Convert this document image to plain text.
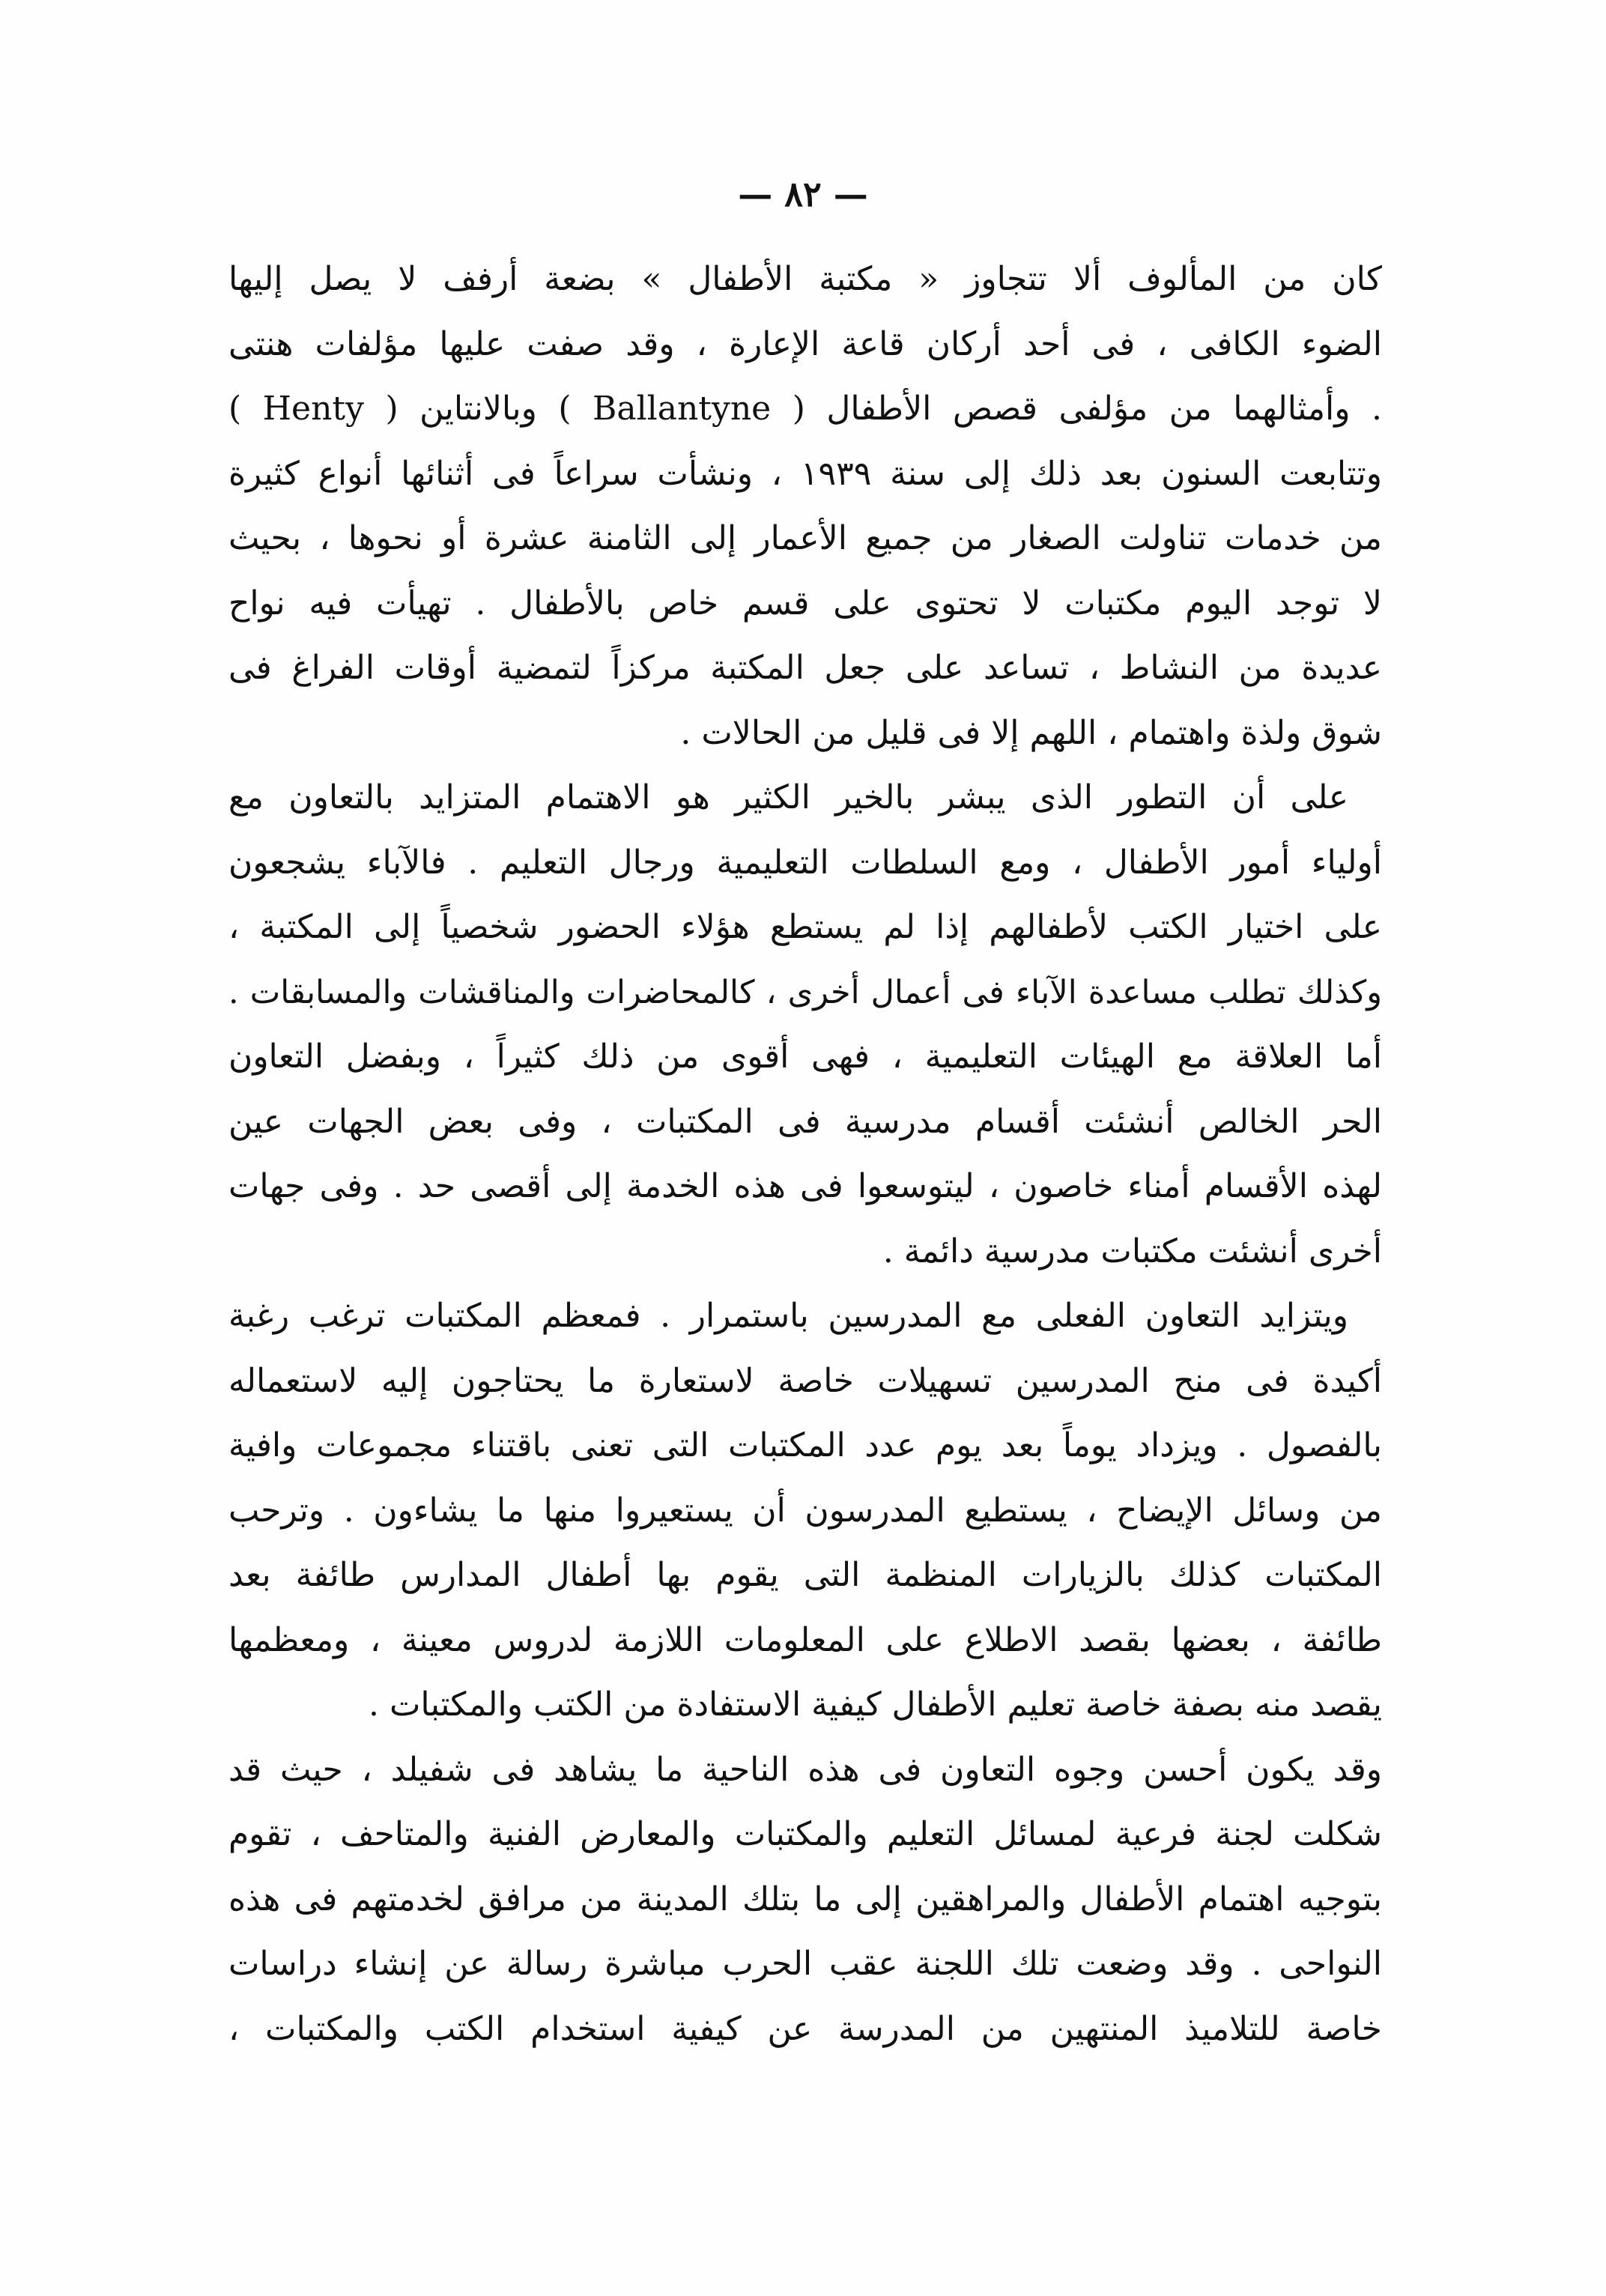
— ٨٢ —
كان من المألوف ألا تتجاوز « مكتبة الأطفال » بضعة أرفف لا يصل إليها
الضوء الكافى ، فى أحد أركان قاعة الإعارة ، وقد صفت عليها مؤلفات هنتى
( Henty ) وبالانتاين ( Ballantyne ) وأمثالهما من مؤلفى قصص الأطفال .
وتتابعت السنون بعد ذلك إلى سنة ١٩٣٩ ، ونشأت سراعاً فى أثنائها أنواع كثيرة
من خدمات تناولت الصغار من جميع الأعمار إلى الثامنة عشرة أو نحوها ، بحيث
لا توجد اليوم مكتبات لا تحتوى على قسم خاص بالأطفال . تهيأت فيه نواح
عديدة من النشاط ، تساعد على جعل المكتبة مركزاً لتمضية أوقات الفراغ فى
شوق ولذة واهتمام ، اللهم إلا فى قليل من الحالات .
على أن التطور الذى يبشر بالخير الكثير هو الاهتمام المتزايد بالتعاون مع
أولياء أمور الأطفال ، ومع السلطات التعليمية ورجال التعليم . فالآباء يشجعون
على اختيار الكتب لأطفالهم إذا لم يستطع هؤلاء الحضور شخصياً إلى المكتبة ،
وكذلك تطلب مساعدة الآباء فى أعمال أخرى ، كالمحاضرات والمناقشات والمسابقات .
أما العلاقة مع الهيئات التعليمية ، فهى أقوى من ذلك كثيراً ، وبفضل التعاون
الحر الخالص أنشئت أقسام مدرسية فى المكتبات ، وفى بعض الجهات عين
لهذه الأقسام أمناء خاصون ، ليتوسعوا فى هذه الخدمة إلى أقصى حد . وفى جهات
أخرى أنشئت مكتبات مدرسية دائمة .
ويتزايد التعاون الفعلى مع المدرسين باستمرار . فمعظم المكتبات ترغب رغبة
أكيدة فى منح المدرسين تسهيلات خاصة لاستعارة ما يحتاجون إليه لاستعماله
بالفصول . ويزداد يوماً بعد يوم عدد المكتبات التى تعنى باقتناء مجموعات وافية
من وسائل الإيضاح ، يستطيع المدرسون أن يستعيروا منها ما يشاءون . وترحب
المكتبات كذلك بالزيارات المنظمة التى يقوم بها أطفال المدارس طائفة بعد
طائفة ، بعضها بقصد الاطلاع على المعلومات اللازمة لدروس معينة ، ومعظمها
يقصد منه بصفة خاصة تعليم الأطفال كيفية الاستفادة من الكتب والمكتبات .
وقد يكون أحسن وجوه التعاون فى هذه الناحية ما يشاهد فى شفيلد ، حيث قد
شكلت لجنة فرعية لمسائل التعليم والمكتبات والمعارض الفنية والمتاحف ، تقوم
بتوجيه اهتمام الأطفال والمراهقين إلى ما بتلك المدينة من مرافق لخدمتهم فى هذه
النواحى . وقد وضعت تلك اللجنة عقب الحرب مباشرة رسالة عن إنشاء دراسات
خاصة للتلاميذ المنتهين من المدرسة عن كيفية استخدام الكتب والمكتبات ،
